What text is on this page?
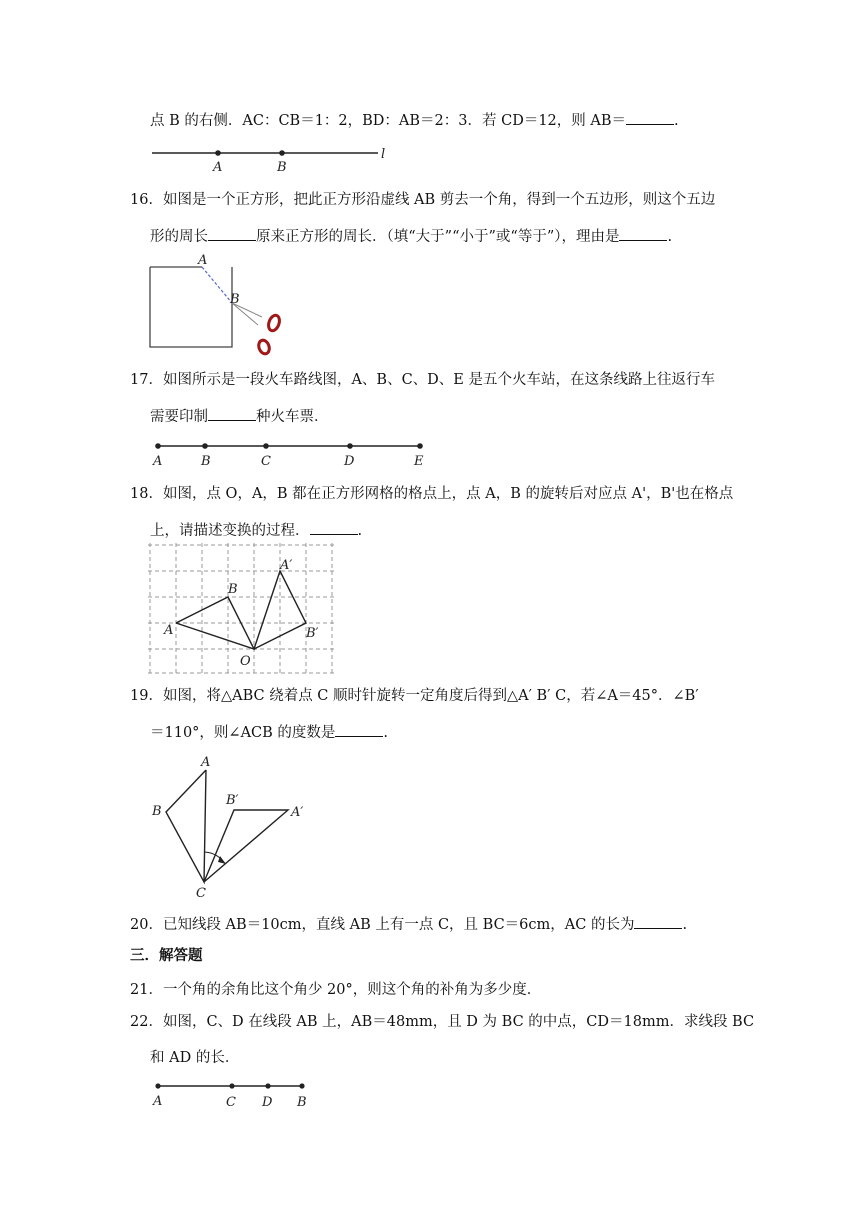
点 B 的右侧．AC：CB＝1：2，BD：AB＝2：3．若 CD＝12，则 AB＝	.
A	B
l
16．如图是一个正方形，把此正方形沿虚线 AB 剪去一个角，得到一个五边形，则这个五边
形的周长	原来正方形的周长．（填“大于”“小于”或“等于”），理由是	.
A
B
17．如图所示是一段火车路线图，A、B、C、D、E 是五个火车站，在这条线路上往返行车
需要印制	种火车票．
A	B	C	D	E
18．如图，点 O，A，B 都在正方形网格的格点上，点 A，B 的旋转后对应点 A'，B'也在格点
上，请描述变换的过程．	.
A
B
O
A′
B′
19．如图，将△ABC 绕着点 C 顺时针旋转一定角度后得到△A′ B′ C，若∠A＝45°．∠B′
＝110°，则∠ACB 的度数是	.
A
B
C
A′
B′
20．已知线段 AB＝10cm，直线 AB 上有一点 C，且 BC＝6cm，AC 的长为	.
三．解答题
21．一个角的余角比这个角少 20°，则这个角的补角为多少度．
22．如图，C、D 在线段 AB 上，AB＝48mm，且 D 为 BC 的中点，CD＝18mm．求线段 BC
和 AD 的长．
A	C D B
